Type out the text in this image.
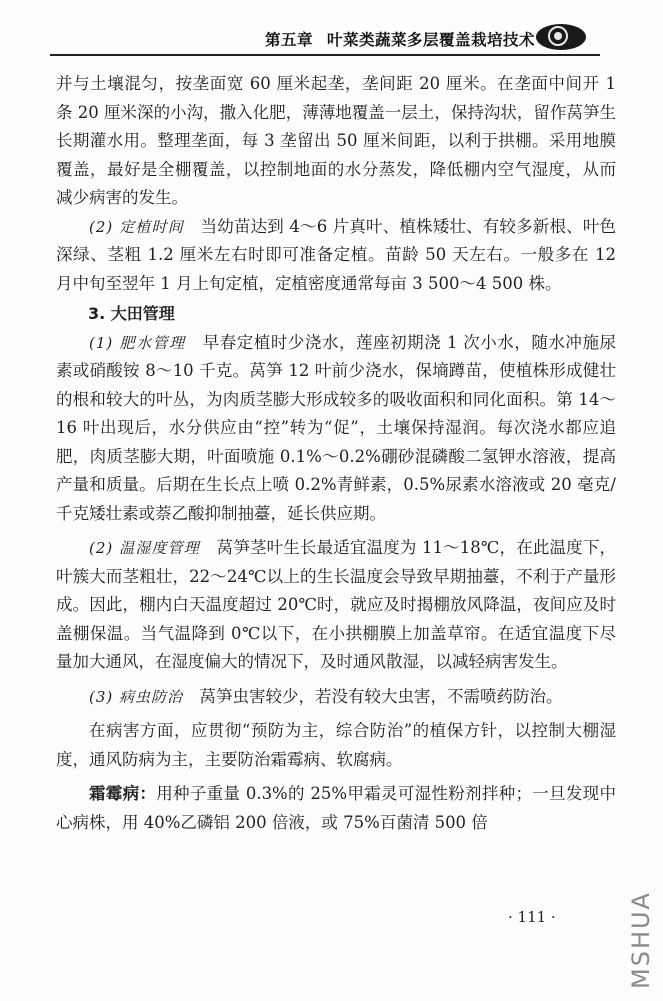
第五章 叶菜类蔬菜多层覆盖栽培技术

并与土壤混匀，按垄面宽 60 厘米起垄，垄间距 20 厘米。在垄面中间开 1 条 20 厘米深的小沟，撒入化肥，薄薄地覆盖一层土，保持沟状，留作莴笋生长期灌水用。整理垄面，每 3 垄留出 50 厘米间距，以利于拱棚。采用地膜覆盖，最好是全棚覆盖，以控制地面的水分蒸发，降低棚内空气湿度，从而减少病害的发生。

(2) 定植时间　 当幼苗达到 4～6 片真叶、植株矮壮、有较多新根、叶色深绿、茎粗 1.2 厘米左右时即可准备定植。苗龄 50 天左右。一般多在 12 月中旬至翌年 1 月上旬定植，定植密度通常每亩 3 500～4 500 株。

3. 大田管理

(1) 肥水管理　 早春定植时少浇水，莲座初期浇 1 次小水，随水冲施尿素或硝酸铵 8～10 千克。莴笋 12 叶前少浇水，保墒蹲苗，使植株形成健壮的根和较大的叶丛，为肉质茎膨大形成较多的吸收面积和同化面积。第 14～16 叶出现后，水分供应由“控”转为“促”，土壤保持湿润。每次浇水都应追肥，肉质茎膨大期，叶面喷施 0.1%～0.2%硼砂混磷酸二氢钾水溶液，提高产量和质量。后期在生长点上喷 0.2%青鲜素，0.5%尿素水溶液或 20 毫克/千克矮壮素或萘乙酸抑制抽薹，延长供应期。

(2) 温湿度管理　 莴笋茎叶生长最适宜温度为 11～18℃，在此温度下，叶簇大而茎粗壮，22～24℃以上的生长温度会导致早期抽薹，不利于产量形成。因此，棚内白天温度超过 20℃时，就应及时揭棚放风降温，夜间应及时盖棚保温。当气温降到 0℃以下，在小拱棚膜上加盖草帘。在适宜温度下尽量加大通风，在湿度偏大的情况下，及时通风散湿，以减轻病害发生。

(3) 病虫防治　 莴笋虫害较少，若没有较大虫害，不需喷药防治。

在病害方面，应贯彻“预防为主，综合防治”的植保方针，以控制大棚湿度，通风防病为主，主要防治霜霉病、软腐病。

霜霉病：用种子重量 0.3%的 25%甲霜灵可湿性粉剂拌种；一旦发现中心病株，用 40%乙磷铝 200 倍液，或 75%百菌清 500 倍

· 111 ·	MSHUA
